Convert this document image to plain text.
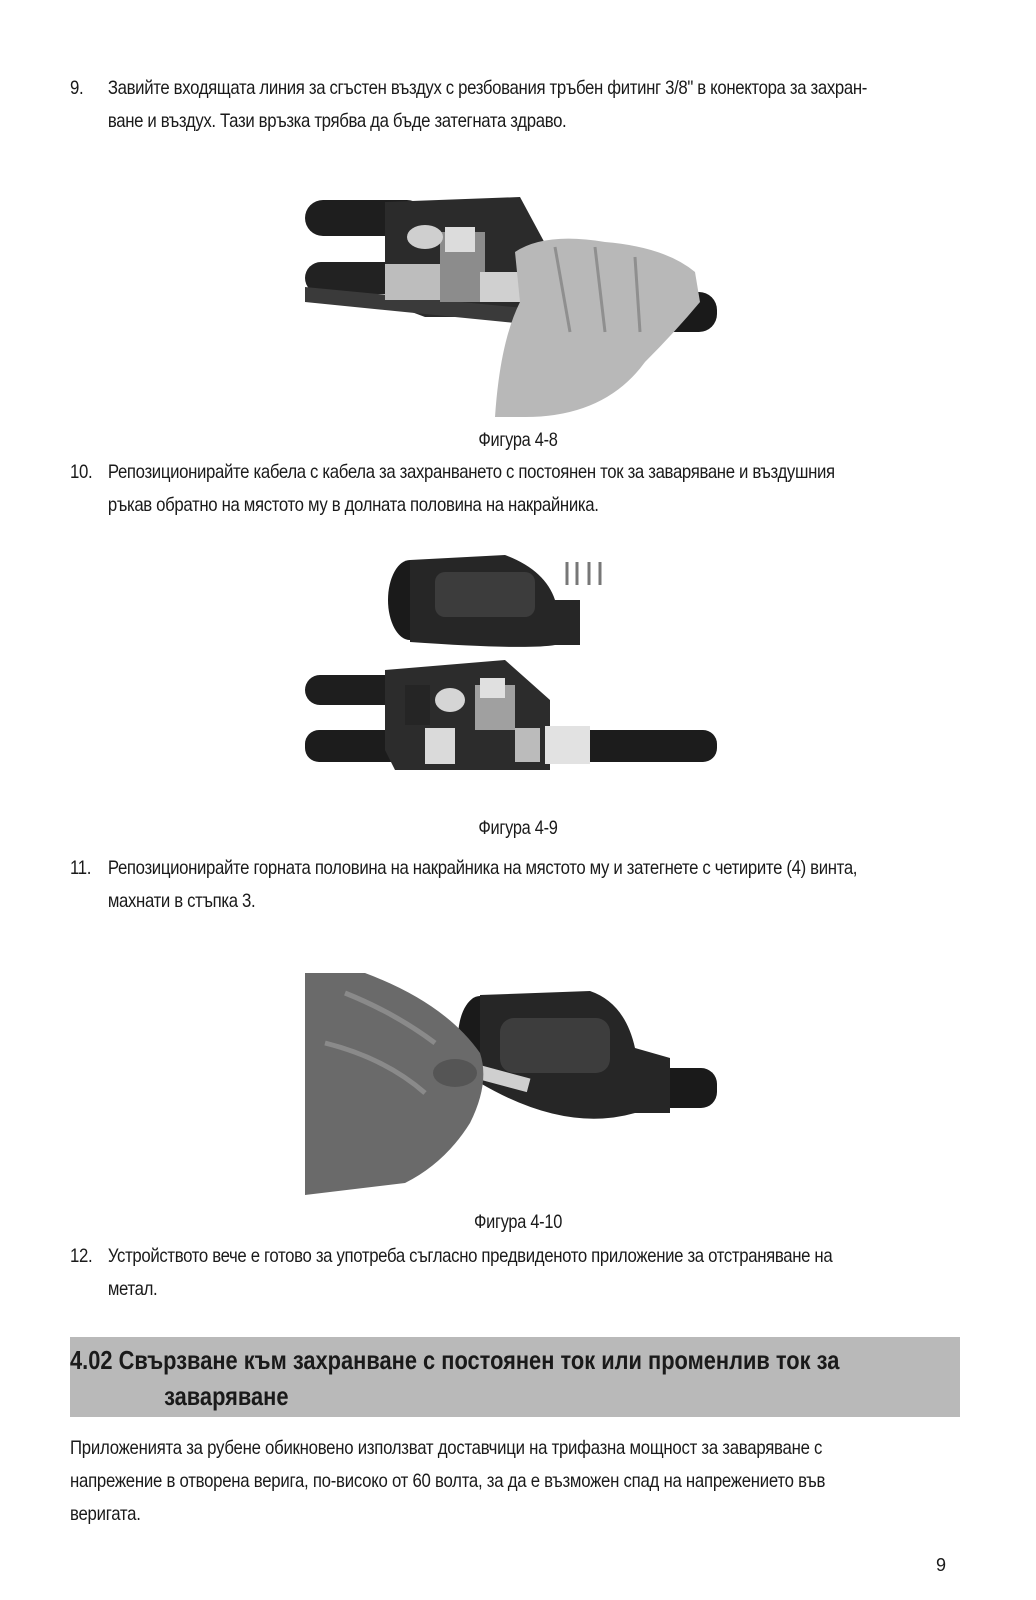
9. Завийте входящата линия за сгъстен въздух с резбования тръбен фитинг 3/8" в конектора за захран-
ване и въздух. Тази връзка трябва да бъде затегната здраво.
Фигура 4-8
10. Репозиционирайте кабела с кабела за захранването с постоянен ток за заваряване и въздушния
ръкав обратно на мястото му в долната половина на накрайника.
Фигура 4-9
11. Репозиционирайте горната половина на накрайника на мястото му и затегнете с четирите (4) винта,
махнати в стъпка 3.
Фигура 4-10
12. Устройството вече е готово за употреба съгласно предвиденото приложение за отстраняване на
метал.
4.02 Свързване към захранване с постоянен ток или променлив ток за
заваряване
Приложенията за рубене обикновено използват доставчици на трифазна мощност за заваряване с
напрежение в отворена верига, по-високо от 60 волта, за да е възможен спад на напрежението във
веригата.
9
